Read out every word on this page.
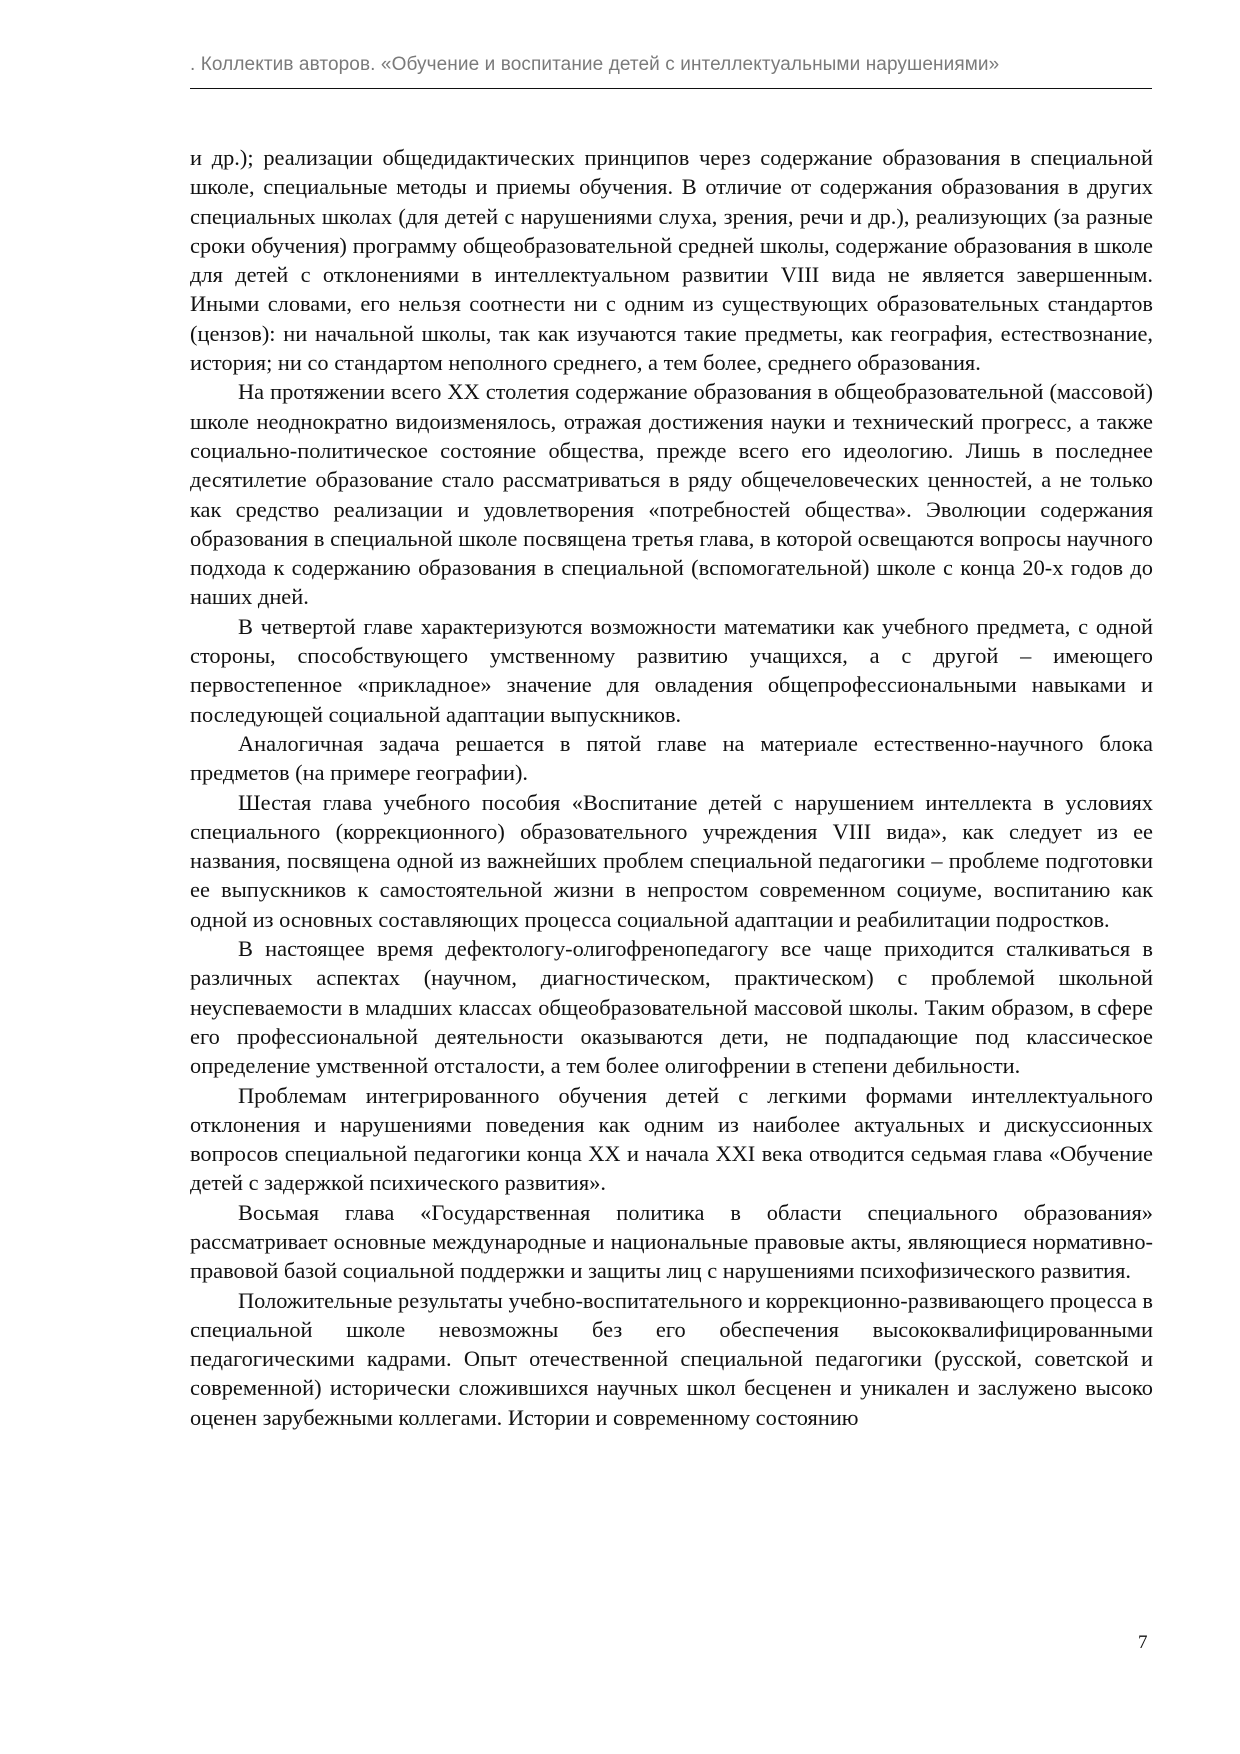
. Коллектив авторов. «Обучение и воспитание детей с интеллектуальными нарушениями»

и др.); реализации общедидактических принципов через содержание образования в специальной школе, специальные методы и приемы обучения. В отличие от содержания образования в других специальных школах (для детей с нарушениями слуха, зрения, речи и др.), реализующих (за разные сроки обучения) программу общеобразовательной средней школы, содержание образования в школе для детей с отклонениями в интеллектуальном развитии VIII вида не является завершенным. Иными словами, его нельзя соотнести ни с одним из существующих образовательных стандартов (цензов): ни начальной школы, так как изучаются такие предметы, как география, естествознание, история; ни со стандартом неполного среднего, а тем более, среднего образования.

На протяжении всего XX столетия содержание образования в общеобразовательной (массовой) школе неоднократно видоизменялось, отражая достижения науки и технический прогресс, а также социально-политическое состояние общества, прежде всего его идеологию. Лишь в последнее десятилетие образование стало рассматриваться в ряду общечеловеческих ценностей, а не только как средство реализации и удовлетворения «потребностей общества». Эволюции содержания образования в специальной школе посвящена третья глава, в которой освещаются вопросы научного подхода к содержанию образования в специальной (вспомогательной) школе с конца 20-х годов до наших дней.

В четвертой главе характеризуются возможности математики как учебного предмета, с одной стороны, способствующего умственному развитию учащихся, а с другой – имеющего первостепенное «прикладное» значение для овладения общепрофессиональными навыками и последующей социальной адаптации выпускников.

Аналогичная задача решается в пятой главе на материале естественно-научного блока предметов (на примере географии).

Шестая глава учебного пособия «Воспитание детей с нарушением интеллекта в условиях специального (коррекционного) образовательного учреждения VIII вида», как следует из ее названия, посвящена одной из важнейших проблем специальной педагогики – проблеме подготовки ее выпускников к самостоятельной жизни в непростом современном социуме, воспитанию как одной из основных составляющих процесса социальной адаптации и реабилитации подростков.

В настоящее время дефектологу-олигофренопедагогу все чаще приходится сталкиваться в различных аспектах (научном, диагностическом, практическом) с проблемой школьной неуспеваемости в младших классах общеобразовательной массовой школы. Таким образом, в сфере его профессиональной деятельности оказываются дети, не подпадающие под классическое определение умственной отсталости, а тем более олигофрении в степени дебильности.

Проблемам интегрированного обучения детей с легкими формами интеллектуального отклонения и нарушениями поведения как одним из наиболее актуальных и дискуссионных вопросов специальной педагогики конца XX и начала XXI века отводится седьмая глава «Обучение детей с задержкой психического развития».

Восьмая глава «Государственная политика в области специального образования» рассматривает основные международные и национальные правовые акты, являющиеся нормативно-правовой базой социальной поддержки и защиты лиц с нарушениями психофизического развития.

Положительные результаты учебно-воспитательного и коррекционно-развивающего процесса в специальной школе невозможны без его обеспечения высококвалифицированными педагогическими кадрами. Опыт отечественной специальной педагогики (русской, советской и современной) исторически сложившихся научных школ бесценен и уникален и заслужено высоко оценен зарубежными коллегами. Истории и современному состоянию

7
